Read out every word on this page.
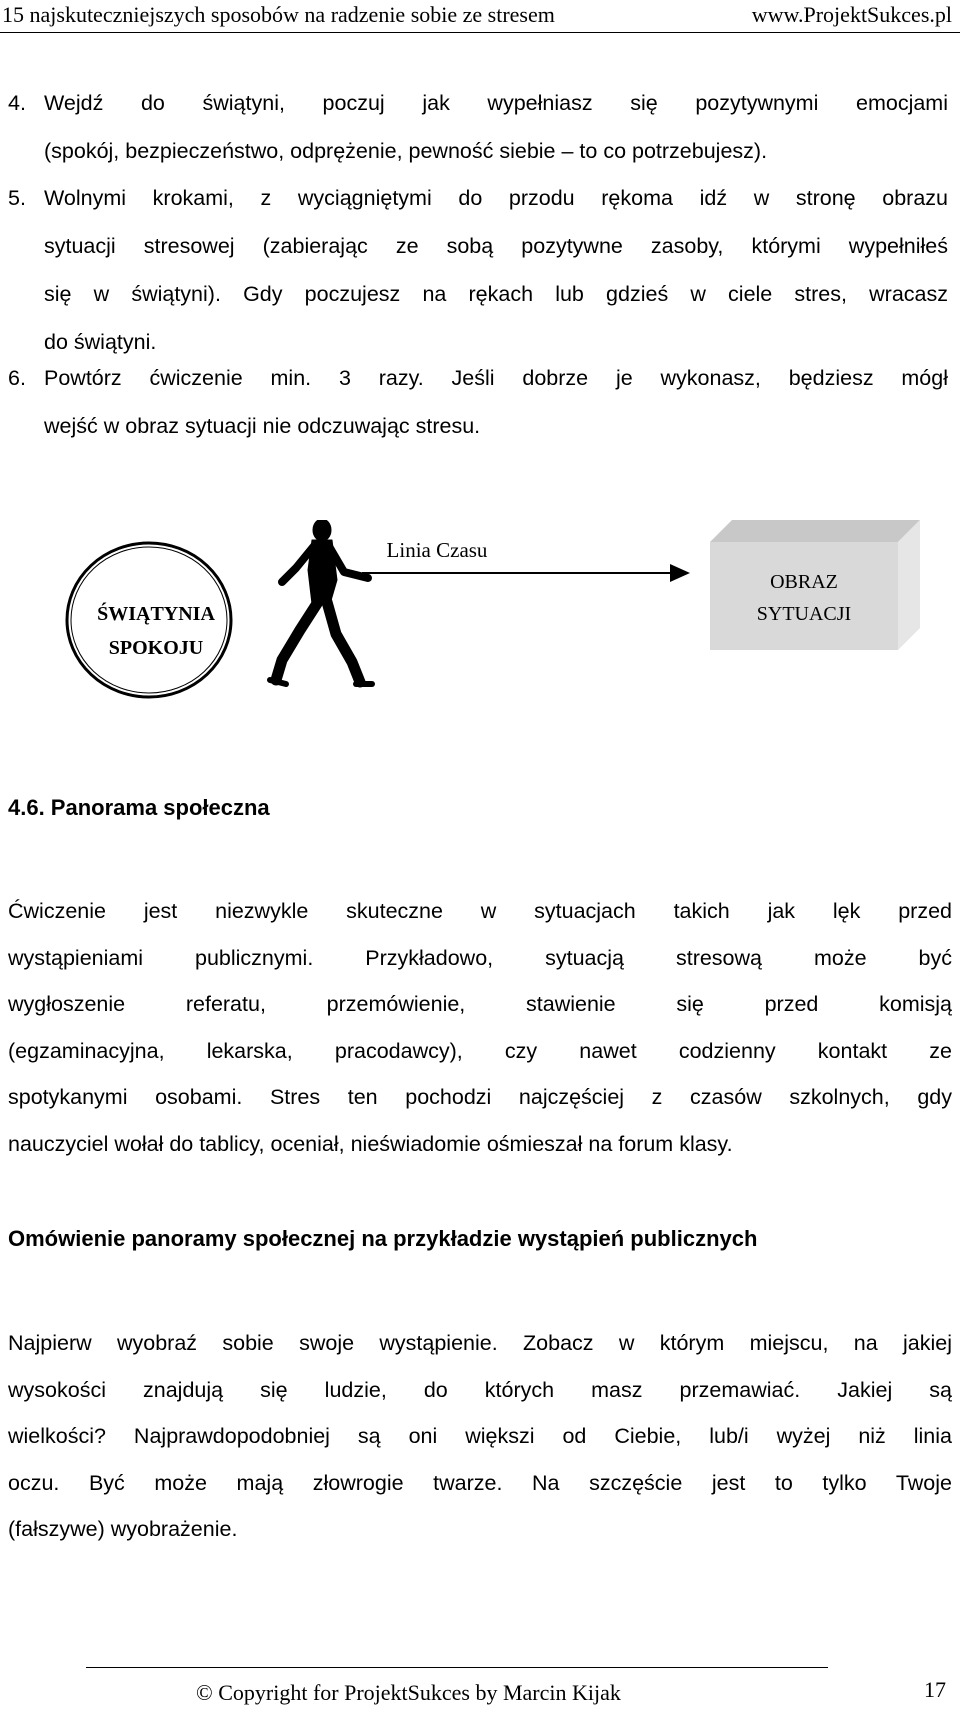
15 najskuteczniejszych sposobów na radzenie sobie ze stresem	www.ProjektSukces.pl
4. Wejdź do świątyni, poczuj jak wypełniasz się pozytywnymi emocjami
(spokój, bezpieczeństwo, odprężenie, pewność siebie – to co potrzebujesz).
5. Wolnymi krokami, z wyciągniętymi do przodu rękoma idź w stronę obrazu
sytuacji stresowej (zabierając ze sobą pozytywne zasoby, którymi wypełniłeś
się w świątyni). Gdy poczujesz na rękach lub gdzieś w ciele stres, wracasz
do świątyni.
6. Powtórz ćwiczenie min. 3 razy. Jeśli dobrze je wykonasz, będziesz mógł
wejść w obraz sytuacji nie odczuwając stresu.
ŚWIĄTYNIA
SPOKOJU
Linia Czasu
OBRAZ
SYTUACJI
4.6. Panorama społeczna
Ćwiczenie jest niezwykle skuteczne w sytuacjach takich jak lęk przed
wystąpieniami publicznymi. Przykładowo, sytuacją stresową może być
wygłoszenie referatu, przemówienie, stawienie się przed komisją
(egzaminacyjna, lekarska, pracodawcy), czy nawet codzienny kontakt ze
spotykanymi osobami. Stres ten pochodzi najczęściej z czasów szkolnych, gdy
nauczyciel wołał do tablicy, oceniał, nieświadomie ośmieszał na forum klasy.
Omówienie panoramy społecznej na przykładzie wystąpień publicznych
Najpierw wyobraź sobie swoje wystąpienie. Zobacz w którym miejscu, na jakiej
wysokości znajdują się ludzie, do których masz przemawiać. Jakiej są
wielkości? Najprawdopodobniej są oni większi od Ciebie, lub/i wyżej niż linia
oczu. Być może mają złowrogie twarze. Na szczęście jest to tylko Twoje
(fałszywe) wyobrażenie.
© Copyright for ProjektSukces by Marcin Kijak	17
